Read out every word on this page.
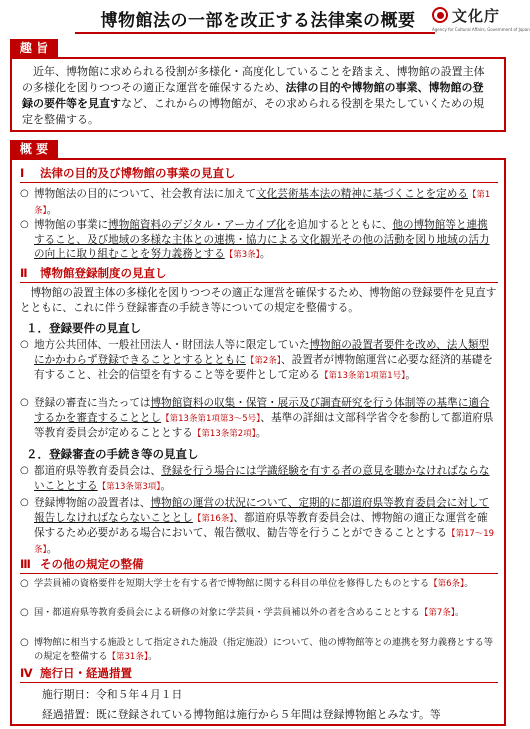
博物館法の一部を改正する法律案の概要	文化庁
Agency for Cultural Affairs, Government of Japan
趣 旨
近年、博物館に求められる役割が多様化・高度化していることを踏まえ、博物館の設置主体の多様化を図りつつその適正な運営を確保するため、法律の目的や博物館の事業、博物館の登録の要件等を見直すなど、これからの博物館が、その求められる役割を果たしていくための規定を整備する。
概 要
Ⅰ 法律の目的及び博物館の事業の見直し
○ 博物館法の目的について、社会教育法に加えて文化芸術基本法の精神に基づくことを定める【第1条】。
○ 博物館の事業に博物館資料のデジタル・アーカイブ化を追加するとともに、他の博物館等と連携すること、及び地域の多様な主体との連携・協力による文化観光その他の活動を図り地域の活力の向上に取り組むことを努力義務とする【第3条】。
Ⅱ 博物館登録制度の見直し
博物館の設置主体の多様化を図りつつその適正な運営を確保するため、博物館の登録要件を見直すとともに、これに伴う登録審査の手続き等についての規定を整備する。
１．登録要件の見直し
○ 地方公共団体、一般社団法人・財団法人等に限定していた博物館の設置者要件を改め、法人類型にかかわらず登録できることとするとともに【第2条】、設置者が博物館運営に必要な経済的基礎を有すること、社会的信望を有すること等を要件として定める【第13条第1項第1号】。
○ 登録の審査に当たっては博物館資料の収集・保管・展示及び調査研究を行う体制等の基準に適合するかを審査することとし【第13条第1項第3～5号】、基準の詳細は文部科学省令を参酌して都道府県等教育委員会が定めることとする【第13条第2項】。
２．登録審査の手続き等の見直し
○ 都道府県等教育委員会は、登録を行う場合には学識経験を有する者の意見を聴かなければならないこととする【第13条第3項】。
○ 登録博物館の設置者は、博物館の運営の状況について、定期的に都道府県等教育委員会に対して報告しなければならないこととし【第16条】、都道府県等教育委員会は、博物館の適正な運営を確保するため必要がある場合において、報告徴収、勧告等を行うことができることとする【第17～19条】。
Ⅲ その他の規定の整備
○ 学芸員補の資格要件を短期大学士を有する者で博物館に関する科目の単位を修得したものとする【第6条】。
○ 国・都道府県等教育委員会による研修の対象に学芸員・学芸員補以外の者を含めることとする【第7条】。
○ 博物館に相当する施設として指定された施設（指定施設）について、他の博物館等との連携を努力義務とする等の規定を整備する【第31条】。
Ⅳ 施行日・経過措置
施行期日：令和５年４月１日
経過措置：既に登録されている博物館は施行から５年間は登録博物館とみなす。等
